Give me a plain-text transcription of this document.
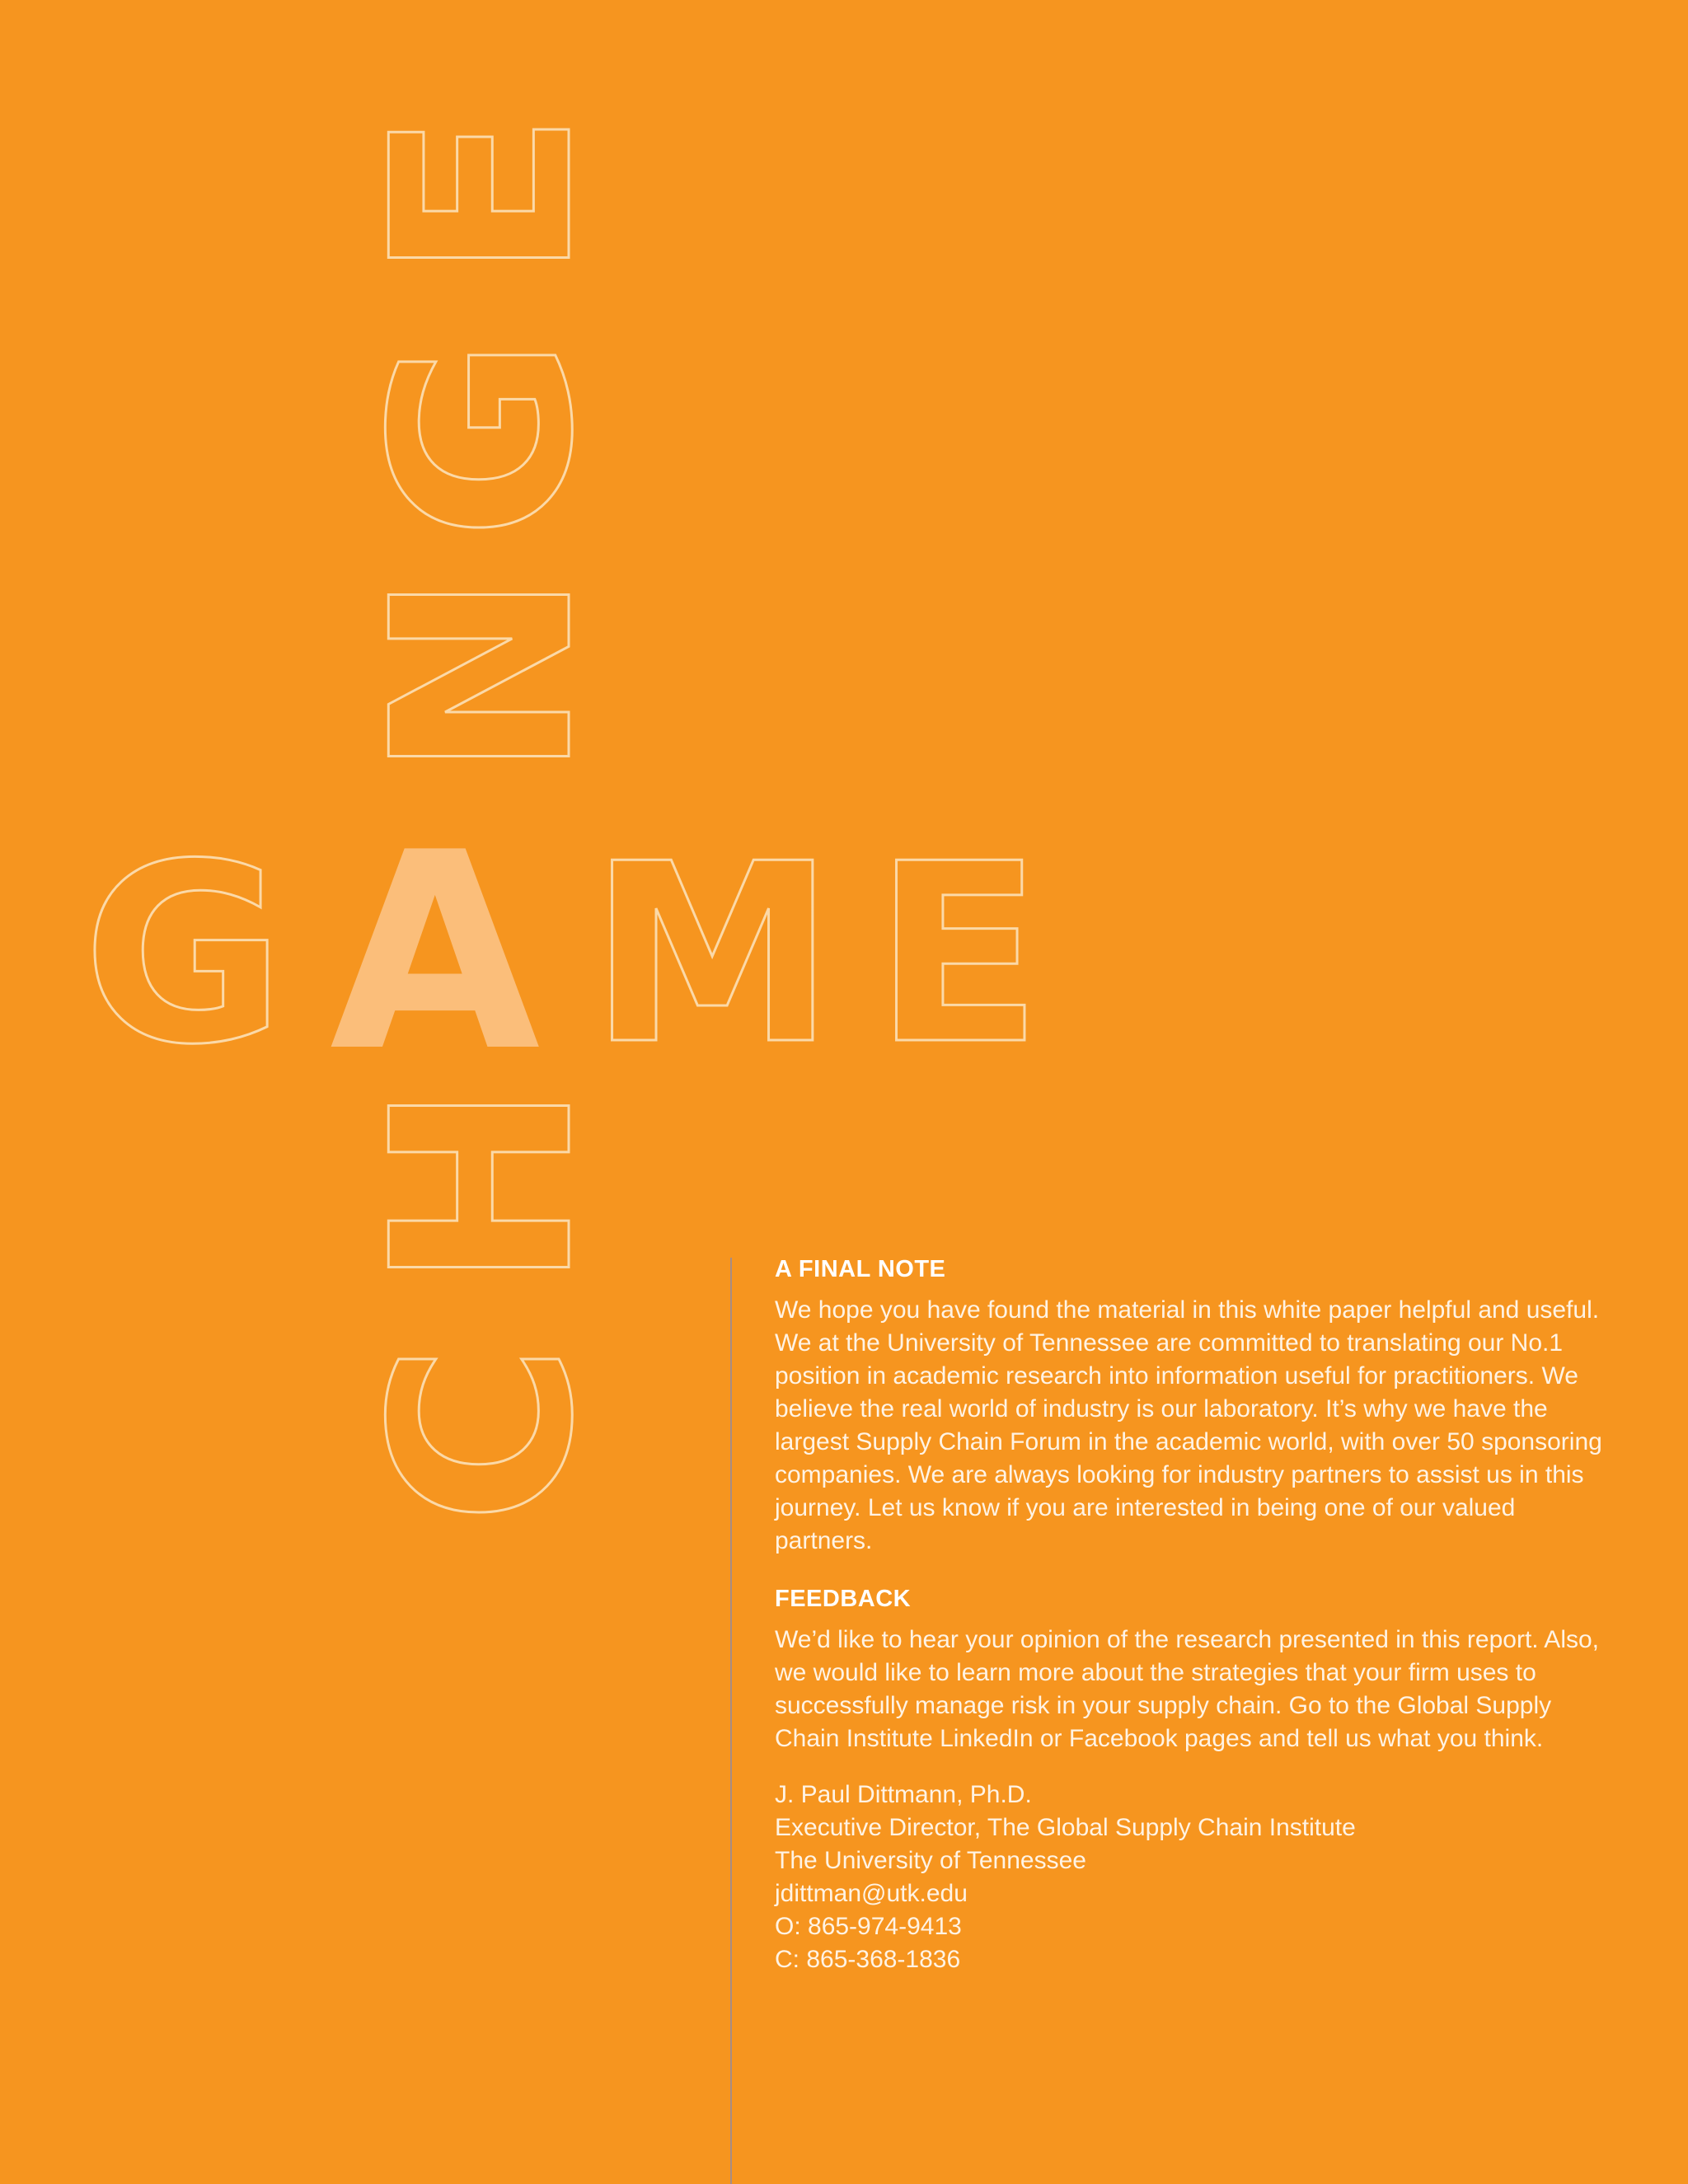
C
H
N
G
E
G A M E
A FINAL NOTE

We hope you have found the material in this white paper helpful and useful. We at the University of Tennessee are committed to translating our No.1 position in academic research into information useful for practitioners. We believe the real world of industry is our laboratory. It’s why we have the largest Supply Chain Forum in the academic world, with over 50 sponsoring companies. We are always looking for industry partners to assist us in this journey. Let us know if you are interested in being one of our valued partners.

FEEDBACK

We’d like to hear your opinion of the research presented in this report. Also, we would like to learn more about the strategies that your firm uses to successfully manage risk in your supply chain. Go to the Global Supply Chain Institute LinkedIn or Facebook pages and tell us what you think.

J. Paul Dittmann, Ph.D.
Executive Director, The Global Supply Chain Institute
The University of Tennessee
jdittman@utk.edu
O: 865-974-9413
C: 865-368-1836
